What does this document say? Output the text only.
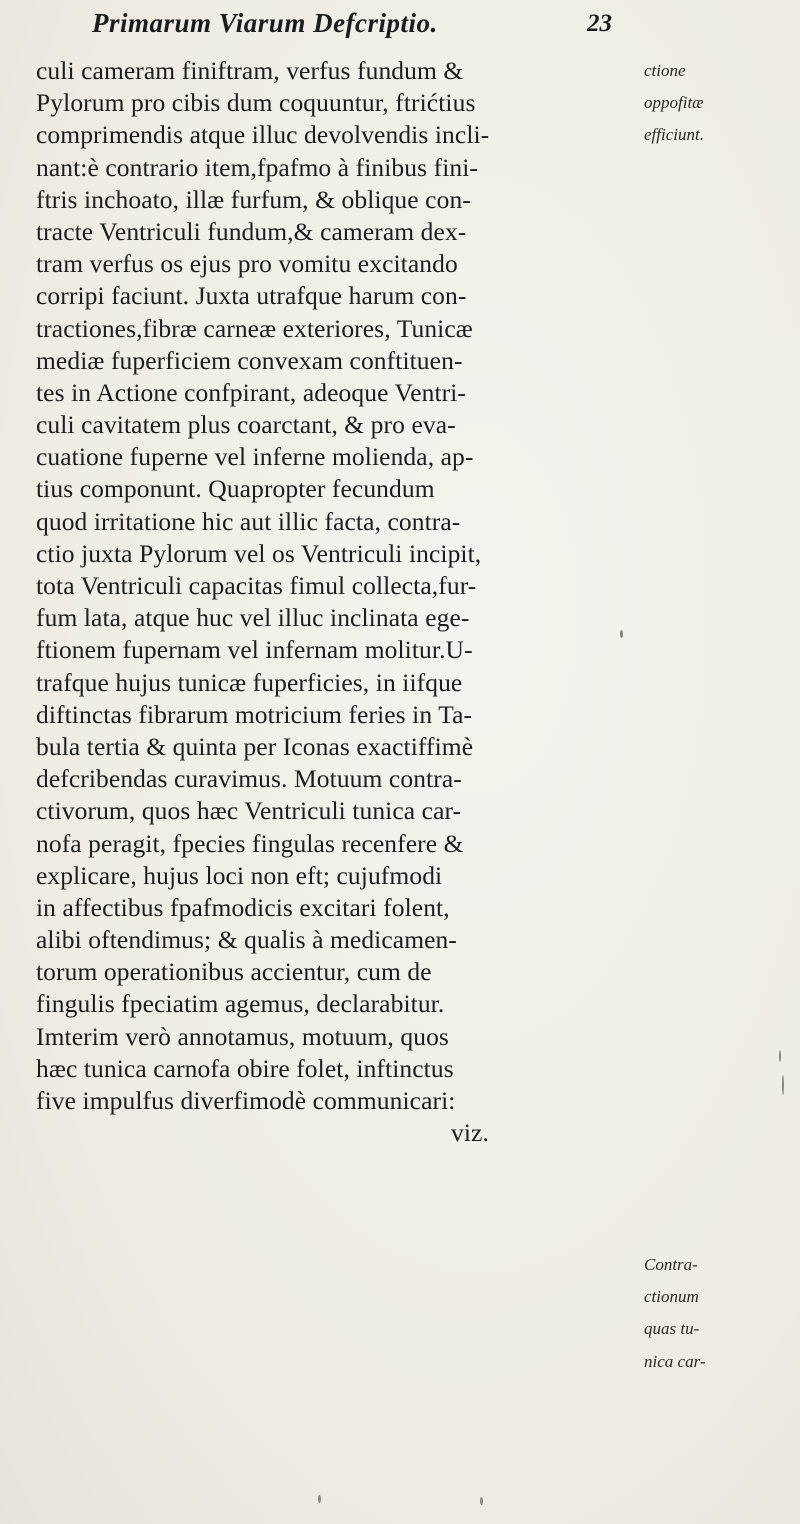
Primarum Viarum Defcriptio.	23
culi cameram finiftram, verfus fundum &
Pylorum pro cibis dum coquuntur, ftrićtius
comprimendis atque illuc devolvendis incli-
nant:è contrario item,fpafmo à finibus fini-
ftris inchoato, illæ furfum, & oblique con-
tracte Ventriculi fundum,& cameram dex-
tram verfus os ejus pro vomitu excitando
corripi faciunt. Juxta utrafque harum con-
tractiones,fibræ carneæ exteriores, Tunicæ
mediæ fuperficiem convexam conftituen-
tes in Actione confpirant, adeoque Ventri-
culi cavitatem plus coarctant, & pro eva-
cuatione fuperne vel inferne molienda, ap-
tius componunt. Quapropter fecundum
quod irritatione hic aut illic facta, contra-
ctio juxta Pylorum vel os Ventriculi incipit,
tota Ventriculi capacitas fimul collecta,fur-
fum lata, atque huc vel illuc inclinata ege-
ftionem fupernam vel infernam molitur.U-
trafque hujus tunicæ fuperficies, in iifque
diftinctas fibrarum motricium feries in Ta-
bula tertia & quinta per Iconas exactiffimè
defcribendas curavimus. Motuum contra-
ctivorum, quos hæc Ventriculi tunica car-
nofa peragit, fpecies fingulas recenfere &
explicare, hujus loci non eft; cujufmodi
in affectibus fpafmodicis excitari folent,
alibi oftendimus; & qualis à medicamen-
torum operationibus accientur, cum de
fingulis fpeciatim agemus, declarabitur.
Imterim verò annotamus, motuum, quos
hæc tunica carnofa obire folet, inftinctus
five impulfus diverfimodè communicari:
viz.
ctione
oppofitæ
efficiunt.
Contra-
ctionum
quas tu-
nica car-
